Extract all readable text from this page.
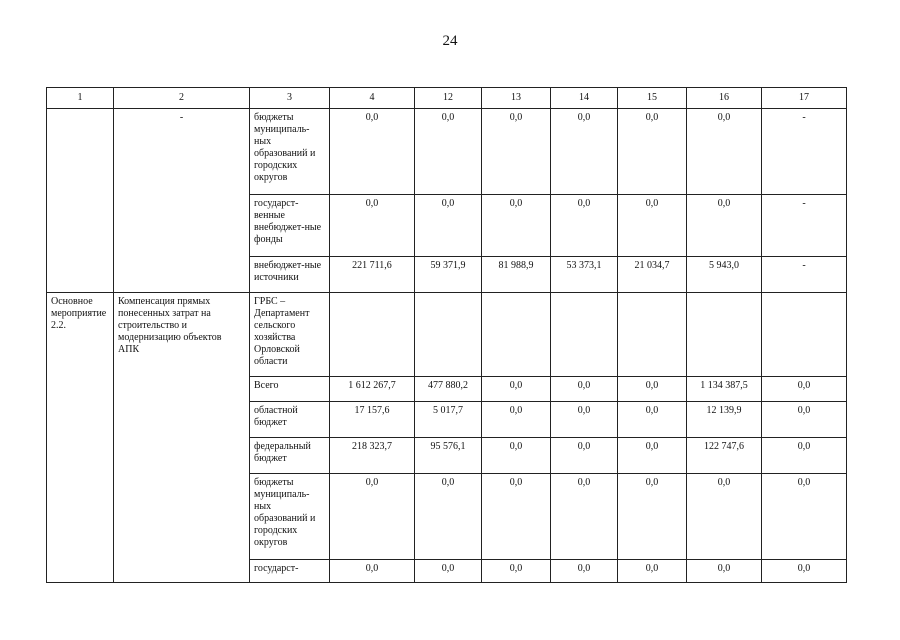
24
1	2	3	4	12	13	14	15	16	17
	-	бюджеты муниципаль-ных образований и городских округов	0,0	0,0	0,0	0,0	0,0	0,0	-
		государст-венные внебюджет-ные фонды	0,0	0,0	0,0	0,0	0,0	0,0	-
		внебюджет-ные источники	221 711,6	59 371,9	81 988,9	53 373,1	21 034,7	5 943,0	-
Основное мероприятие 2.2.	Компенсация прямых понесенных затрат на строительство и модернизацию объектов АПК	ГРБС – Департамент сельского хозяйства Орловской области							
		Всего	1 612 267,7	477 880,2	0,0	0,0	0,0	1 134 387,5	0,0
		областной бюджет	17 157,6	5 017,7	0,0	0,0	0,0	12 139,9	0,0
		федеральный бюджет	218 323,7	95 576,1	0,0	0,0	0,0	122 747,6	0,0
		бюджеты муниципаль-ных образований и городских округов	0,0	0,0	0,0	0,0	0,0	0,0	0,0
		государст-	0,0	0,0	0,0	0,0	0,0	0,0	0,0
